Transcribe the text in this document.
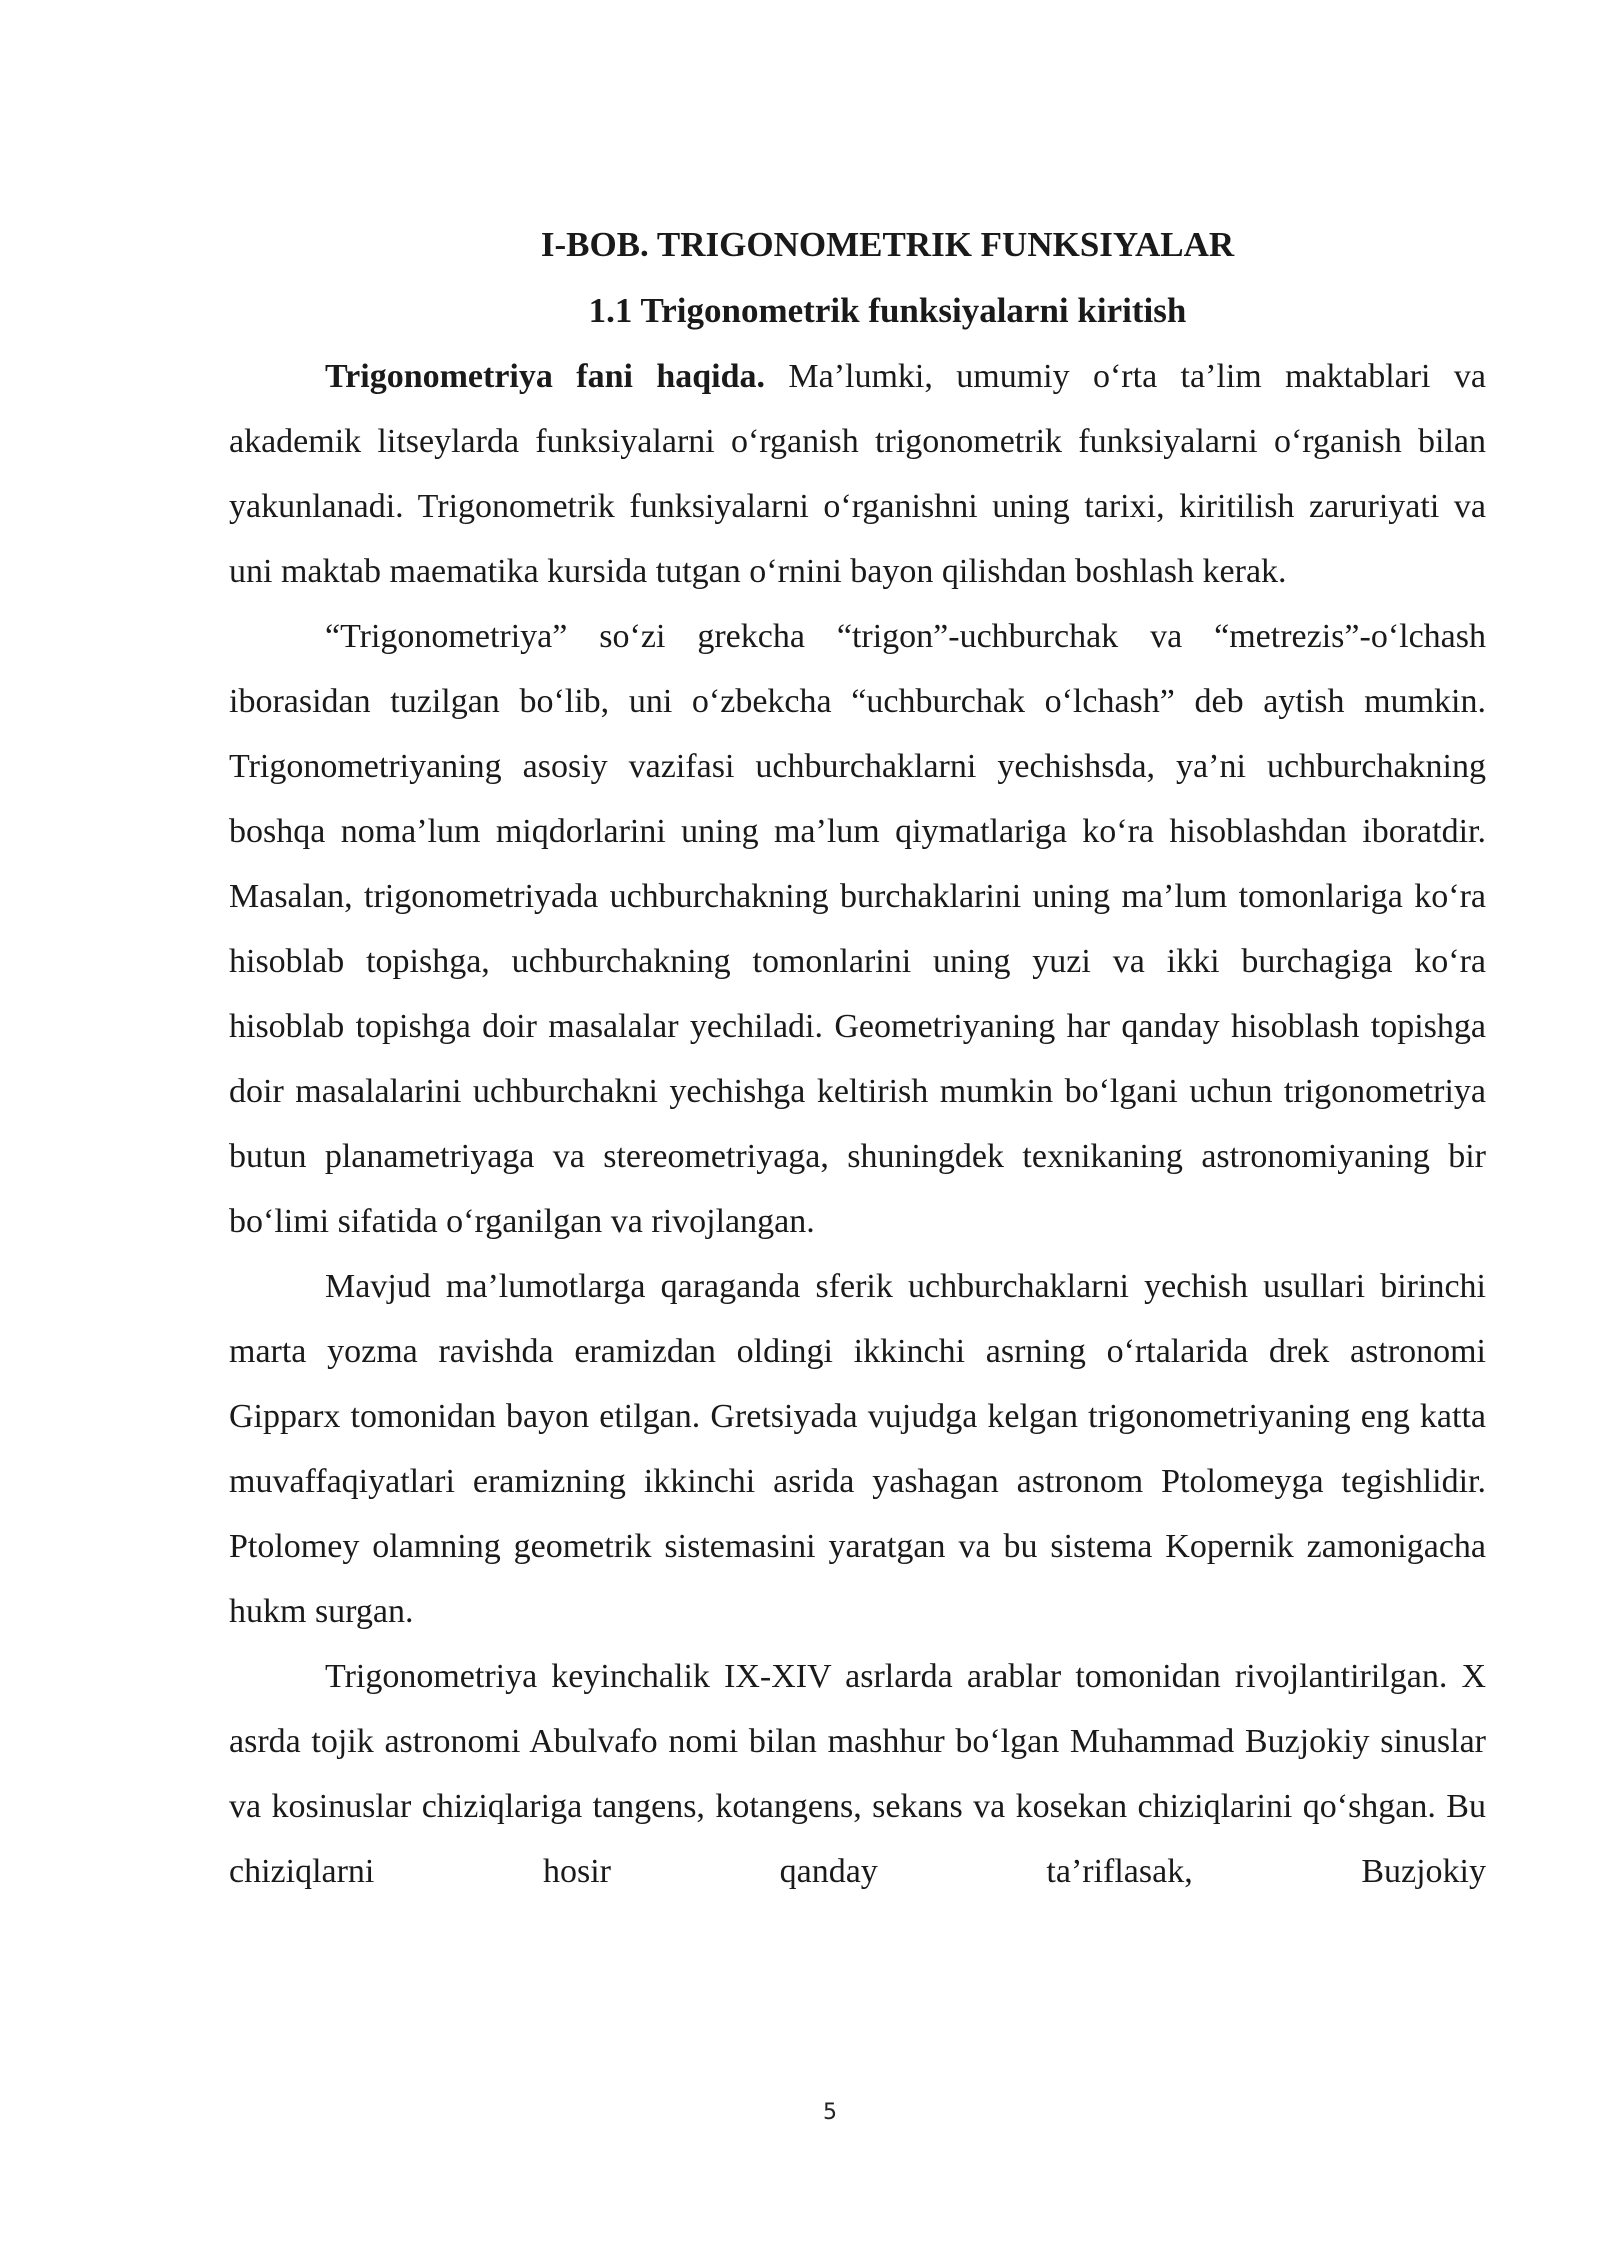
I-BOB. TRIGONOMETRIK FUNKSIYALAR
1.1 Trigonometrik funksiyalarni kiritish

Trigonometriya fani haqida. Ma’lumki, umumiy o‘rta ta’lim maktablari va akademik litseylarda funksiyalarni o‘rganish trigonometrik funksiyalarni o‘rganish bilan yakunlanadi. Trigonometrik funksiyalarni o‘rganishni uning tarixi, kiritilish zaruriyati va uni maktab maematika kursida tutgan o‘rnini bayon qilishdan boshlash kerak.

“Trigonometriya” so‘zi grekcha “trigon”-uchburchak va “metrezis”-o‘lchash iborasidan tuzilgan bo‘lib, uni o‘zbekcha “uchburchak o‘lchash” deb aytish mumkin. Trigonometriyaning asosiy vazifasi uchburchaklarni yechishsda, ya’ni uchburchakning boshqa noma’lum miqdorlarini uning ma’lum qiymatlariga ko‘ra hisoblashdan iboratdir. Masalan, trigonometriyada uchburchakning burchaklarini uning ma’lum tomonlariga ko‘ra hisoblab topishga, uchburchakning tomonlarini uning yuzi va ikki burchagiga ko‘ra hisoblab topishga doir masalalar yechiladi. Geometriyaning har qanday hisoblash topishga doir masalalarini uchburchakni yechishga keltirish mumkin bo‘lgani uchun trigonometriya butun planametriyaga va stereometriyaga, shuningdek texnikaning astronomiyaning bir bo‘limi sifatida o‘rganilgan va rivojlangan.

Mavjud ma’lumotlarga qaraganda sferik uchburchaklarni yechish usullari birinchi marta yozma ravishda eramizdan oldingi ikkinchi asrning o‘rtalarida drek astronomi Gipparx tomonidan bayon etilgan. Gretsiyada vujudga kelgan trigonometriyaning eng katta muvaffaqiyatlari eramizning ikkinchi asrida yashagan astronom Ptolomeyga tegishlidir. Ptolomey olamning geometrik sistemasini yaratgan va bu sistema Kopernik zamonigacha hukm surgan.

Trigonometriya keyinchalik IX-XIV asrlarda arablar tomonidan rivojlantirilgan. X asrda tojik astronomi Abulvafo nomi bilan mashhur bo‘lgan Muhammad Buzjokiy sinuslar va kosinuslar chiziqlariga tangens, kotangens, sekans va kosekan chiziqlarini qo‘shgan. Bu chiziqlarni hosir qanday ta’riflasak, Buzjokiy

5
